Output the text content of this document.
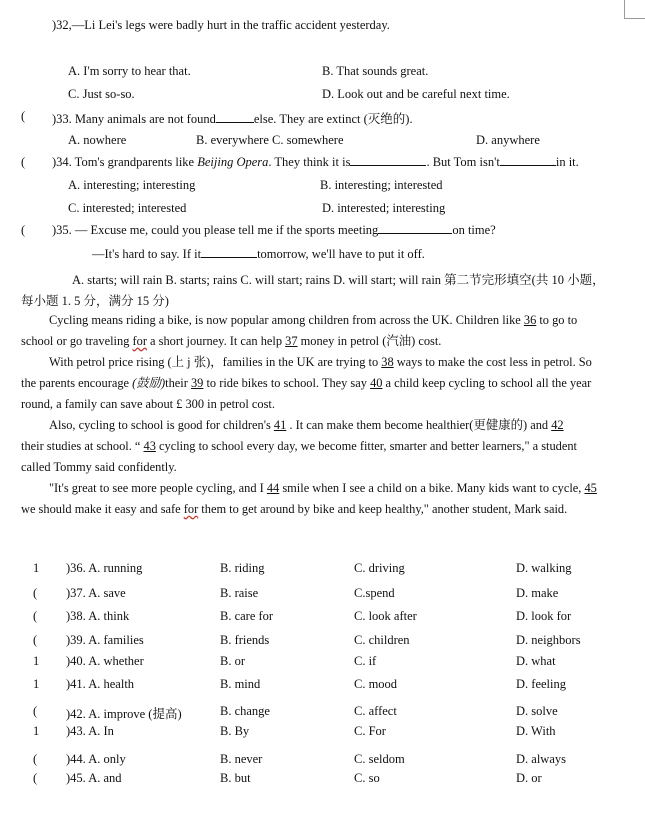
)32,—Li Lei's legs were badly hurt in the traffic accident yesterday.
A. I'm sorry to hear that.	B. That sounds great.
C. Just so-so.	D. Look out and be careful next time.
( )33. Many animals are not found	else. They are extinct (灭绝的).
A. nowhere	B. everywhere C. somewhere	D. anywhere
( )34. Tom's grandparents like Beijing Opera. They think it is	. But Tom isn't	in it.
A. interesting; interesting	B. interesting; interested
C. interested; interested	D. interested; interesting
( )35. — Excuse me, could you please tell me if the sports meeting	on time?
—It's hard to say. If it	tomorrow, we'll have to put it off.
A. starts; will rain B. starts; rains C. will start; rains D. will start; will rain 第二节完形填空(共 10 小题，
每小题 1. 5 分，满分 15 分)
Cycling means riding a bike, is now popular among children from across the UK. Children like 36 to go to
school or go traveling for a short journey. It can help 37 money in petrol (汽油) cost.
With petrol price rising (上 j 张)，families in the UK are trying to 38 ways to make the cost less in petrol. So
the parents encourage (鼓励)their 39 to ride bikes to school. They say 40 a child keep cycling to school all the year
round, a family can save about £ 300 in petrol cost.
Also, cycling to school is good for children's 41 . It can make them become healthier(更健康的) and 42
their studies at school. “ 43 cycling to school every day, we become fitter, smarter and better learners," a student
called Tommy said confidently.
"It's great to see more people cycling, and I 44 smile when I see a child on a bike. Many kids want to cycle, 45
we should make it easy and safe for them to get around by bike and keep healthy," another student, Mark said.
1 )36. A. running	B. riding	C. driving	D. walking
( )37. A. save	B. raise	C.spend	D. make
( )38. A. think	B. care for	C. look after	D. look for
( )39. A. families	B. friends	C. children	D. neighbors
1 )40. A. whether	B. or	C. if	D. what
1 )41. A. health	B. mind	C. mood	D. feeling
( )42. A. improve (提高)	B. change	C. affect	D. solve
1 )43. A. In	B. By	C. For	D. With
( )44. A. only	B. never	C. seldom	D. always
( )45. A. and	B. but	C. so	D. or
